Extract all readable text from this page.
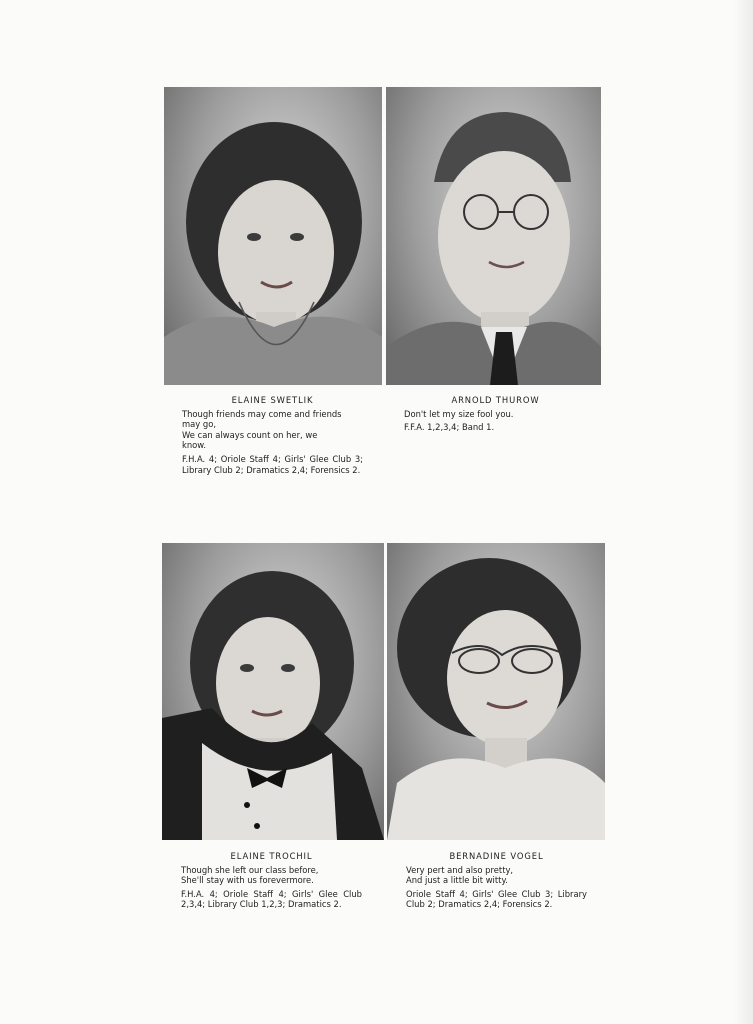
ELAINE SWETLIK
Though friends may come and friends
may go,
We can always count on her, we
know.
F.H.A. 4; Oriole Staff 4; Girls' Glee Club 3; Library Club 2; Dramatics 2,4; Forensics 2.
ARNOLD THUROW
Don't let my size fool you.
F.F.A. 1,2,3,4; Band 1.
ELAINE TROCHIL
Though she left our class before,
She'll stay with us forevermore.
F.H.A. 4; Oriole Staff 4; Girls' Glee Club 2,3,4; Library Club 1,2,3; Dramatics 2.
BERNADINE VOGEL
Very pert and also pretty,
And just a little bit witty.
Oriole Staff 4; Girls' Glee Club 3; Library Club 2; Dramatics 2,4; Forensics 2.
